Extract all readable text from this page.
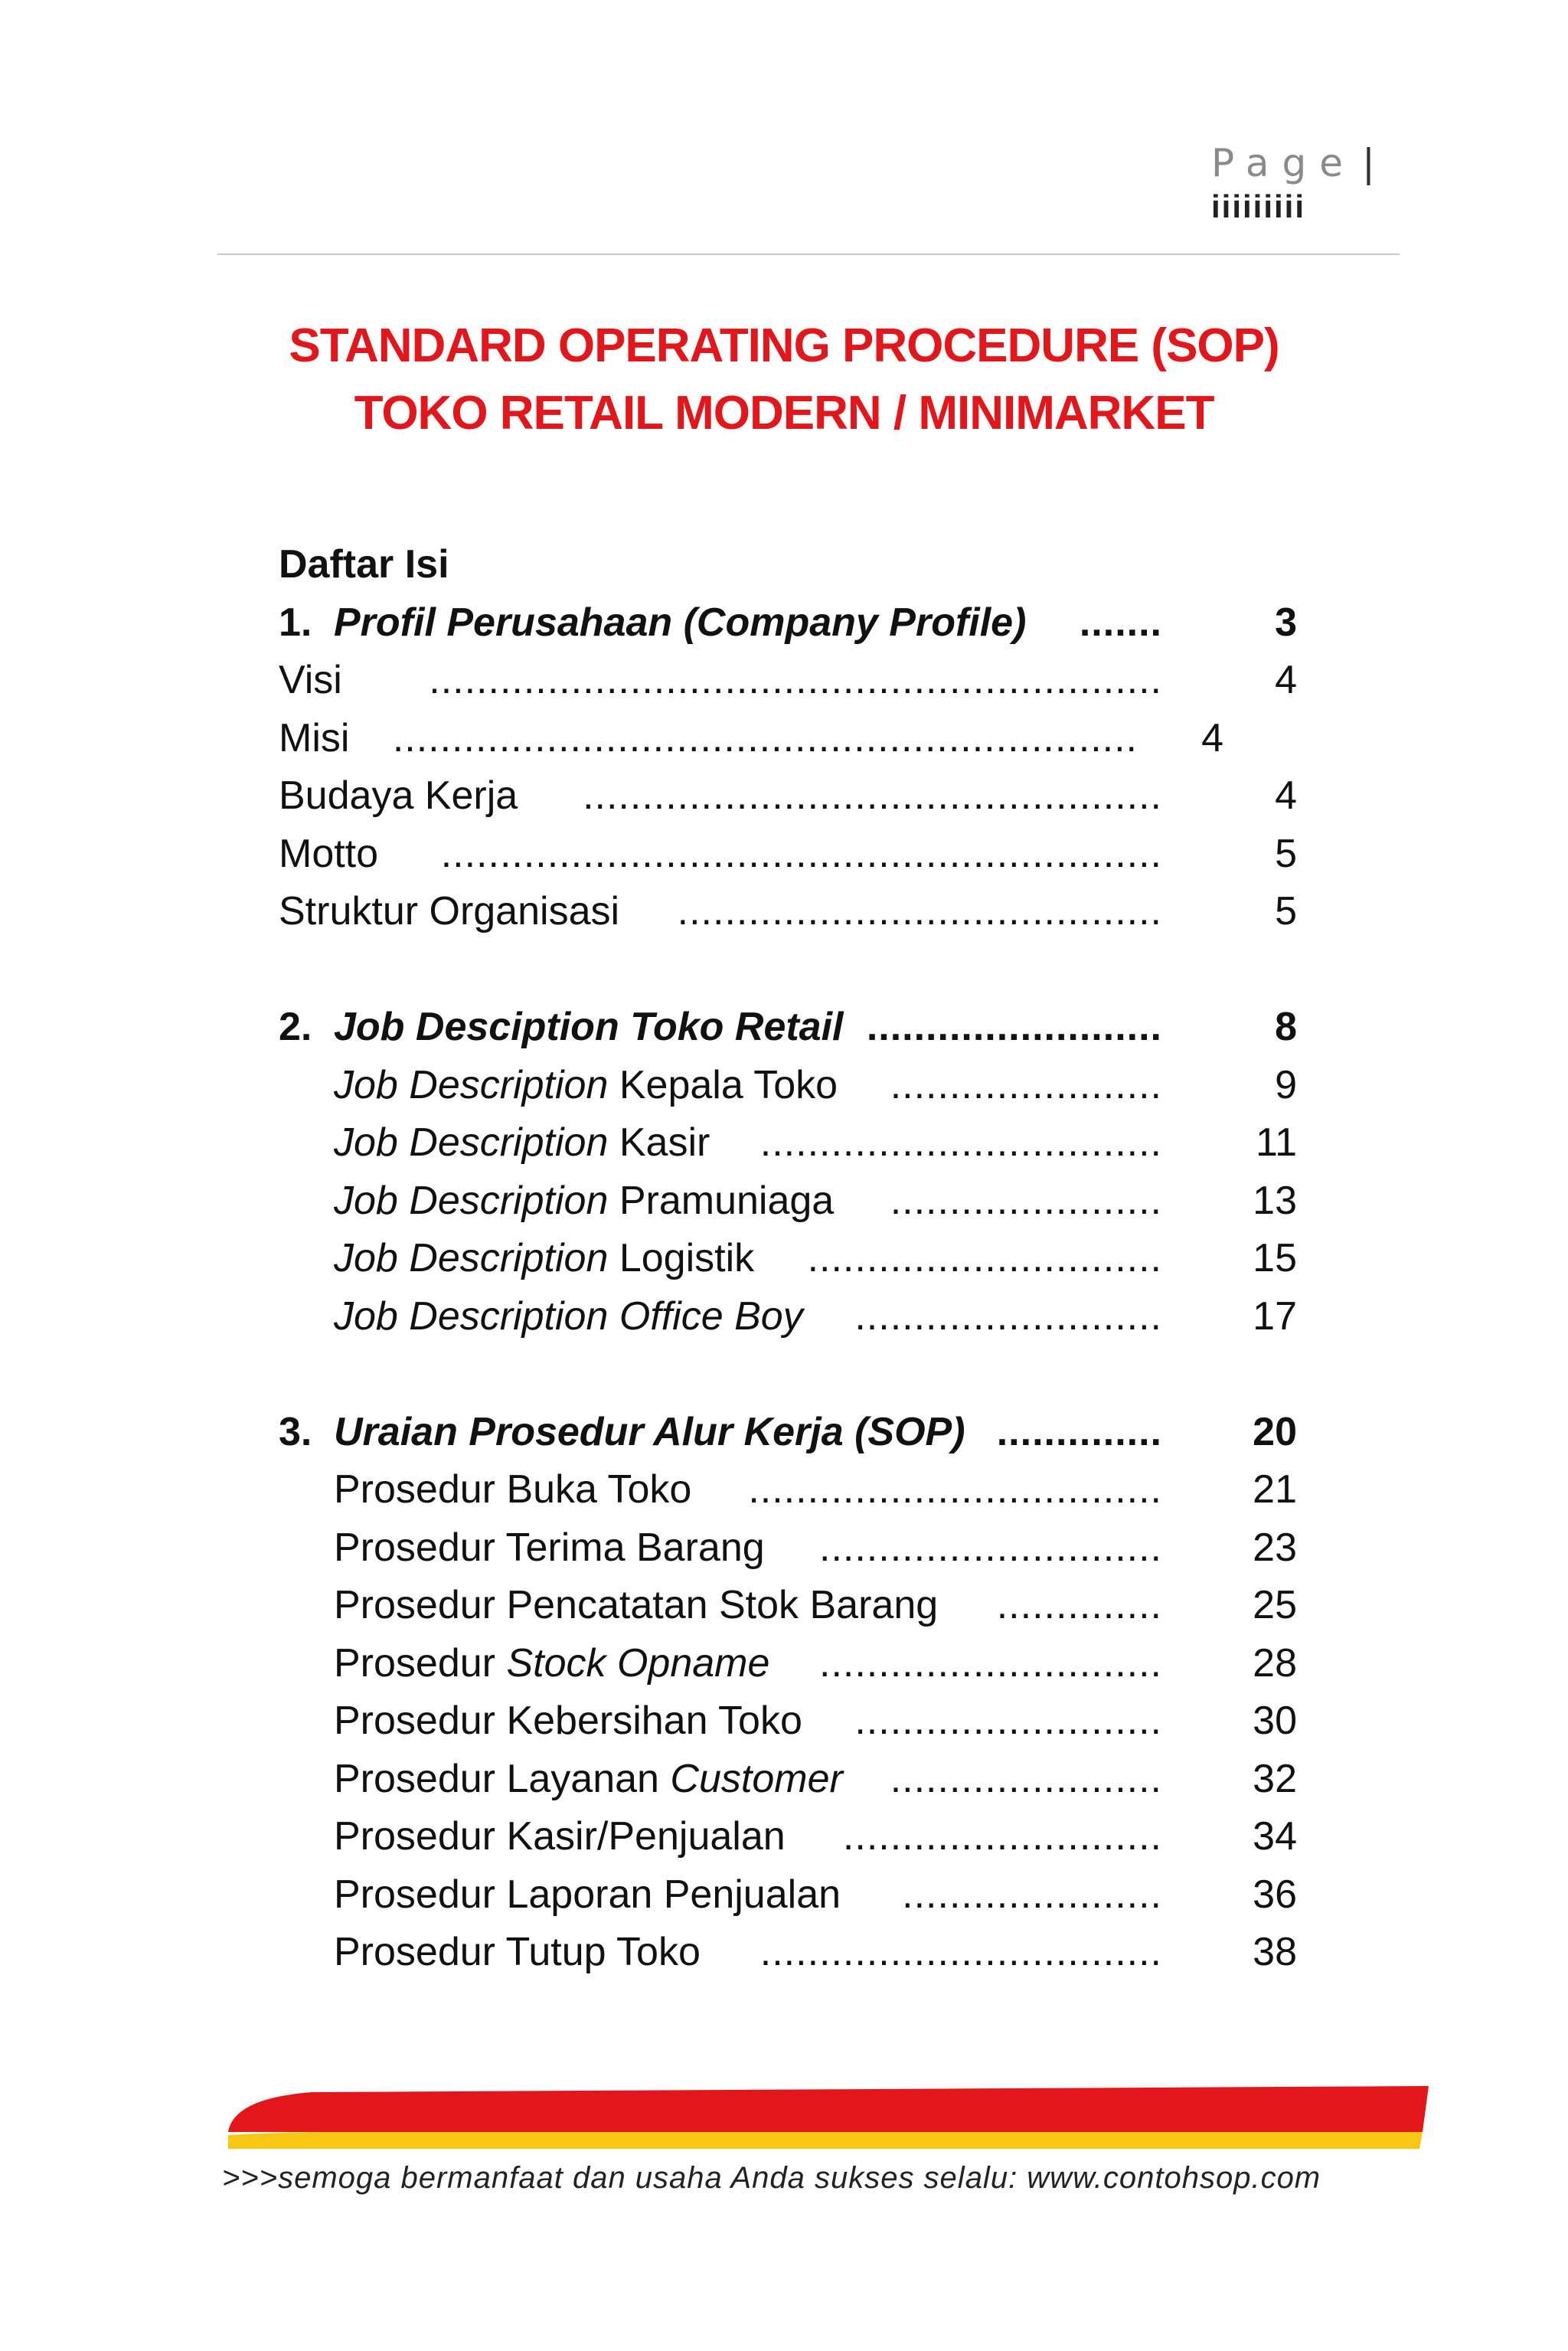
Page |
iiiiiiiii
STANDARD OPERATING PROCEDURE (SOP)
TOKO RETAIL MODERN / MINIMARKET
Daftar Isi
1. Profil Perusahaan (Company Profile) .......	3
Visi ..............................................................	4
Misi ...............................................................	4
Budaya Kerja .................................................	4
Motto .............................................................	5
Struktur Organisasi .........................................	5
2. Job Desciption Toko Retail .........................	8
Job Description Kepala Toko .......................	9
Job Description Kasir ..................................	11
Job Description Pramuniaga .......................	13
Job Description Logistik ..............................	15
Job Description Office Boy ..........................	17
3. Uraian Prosedur Alur Kerja (SOP) ..............	20
Prosedur Buka Toko ...................................	21
Prosedur Terima Barang .............................	23
Prosedur Pencatatan Stok Barang ..............	25
Prosedur Stock Opname .............................	28
Prosedur Kebersihan Toko ..........................	30
Prosedur Layanan Customer .......................	32
Prosedur Kasir/Penjualan ...........................	34
Prosedur Laporan Penjualan ......................	36
Prosedur Tutup Toko ..................................	38
>>>semoga bermanfaat dan usaha Anda sukses selalu: www.contohsop.com
